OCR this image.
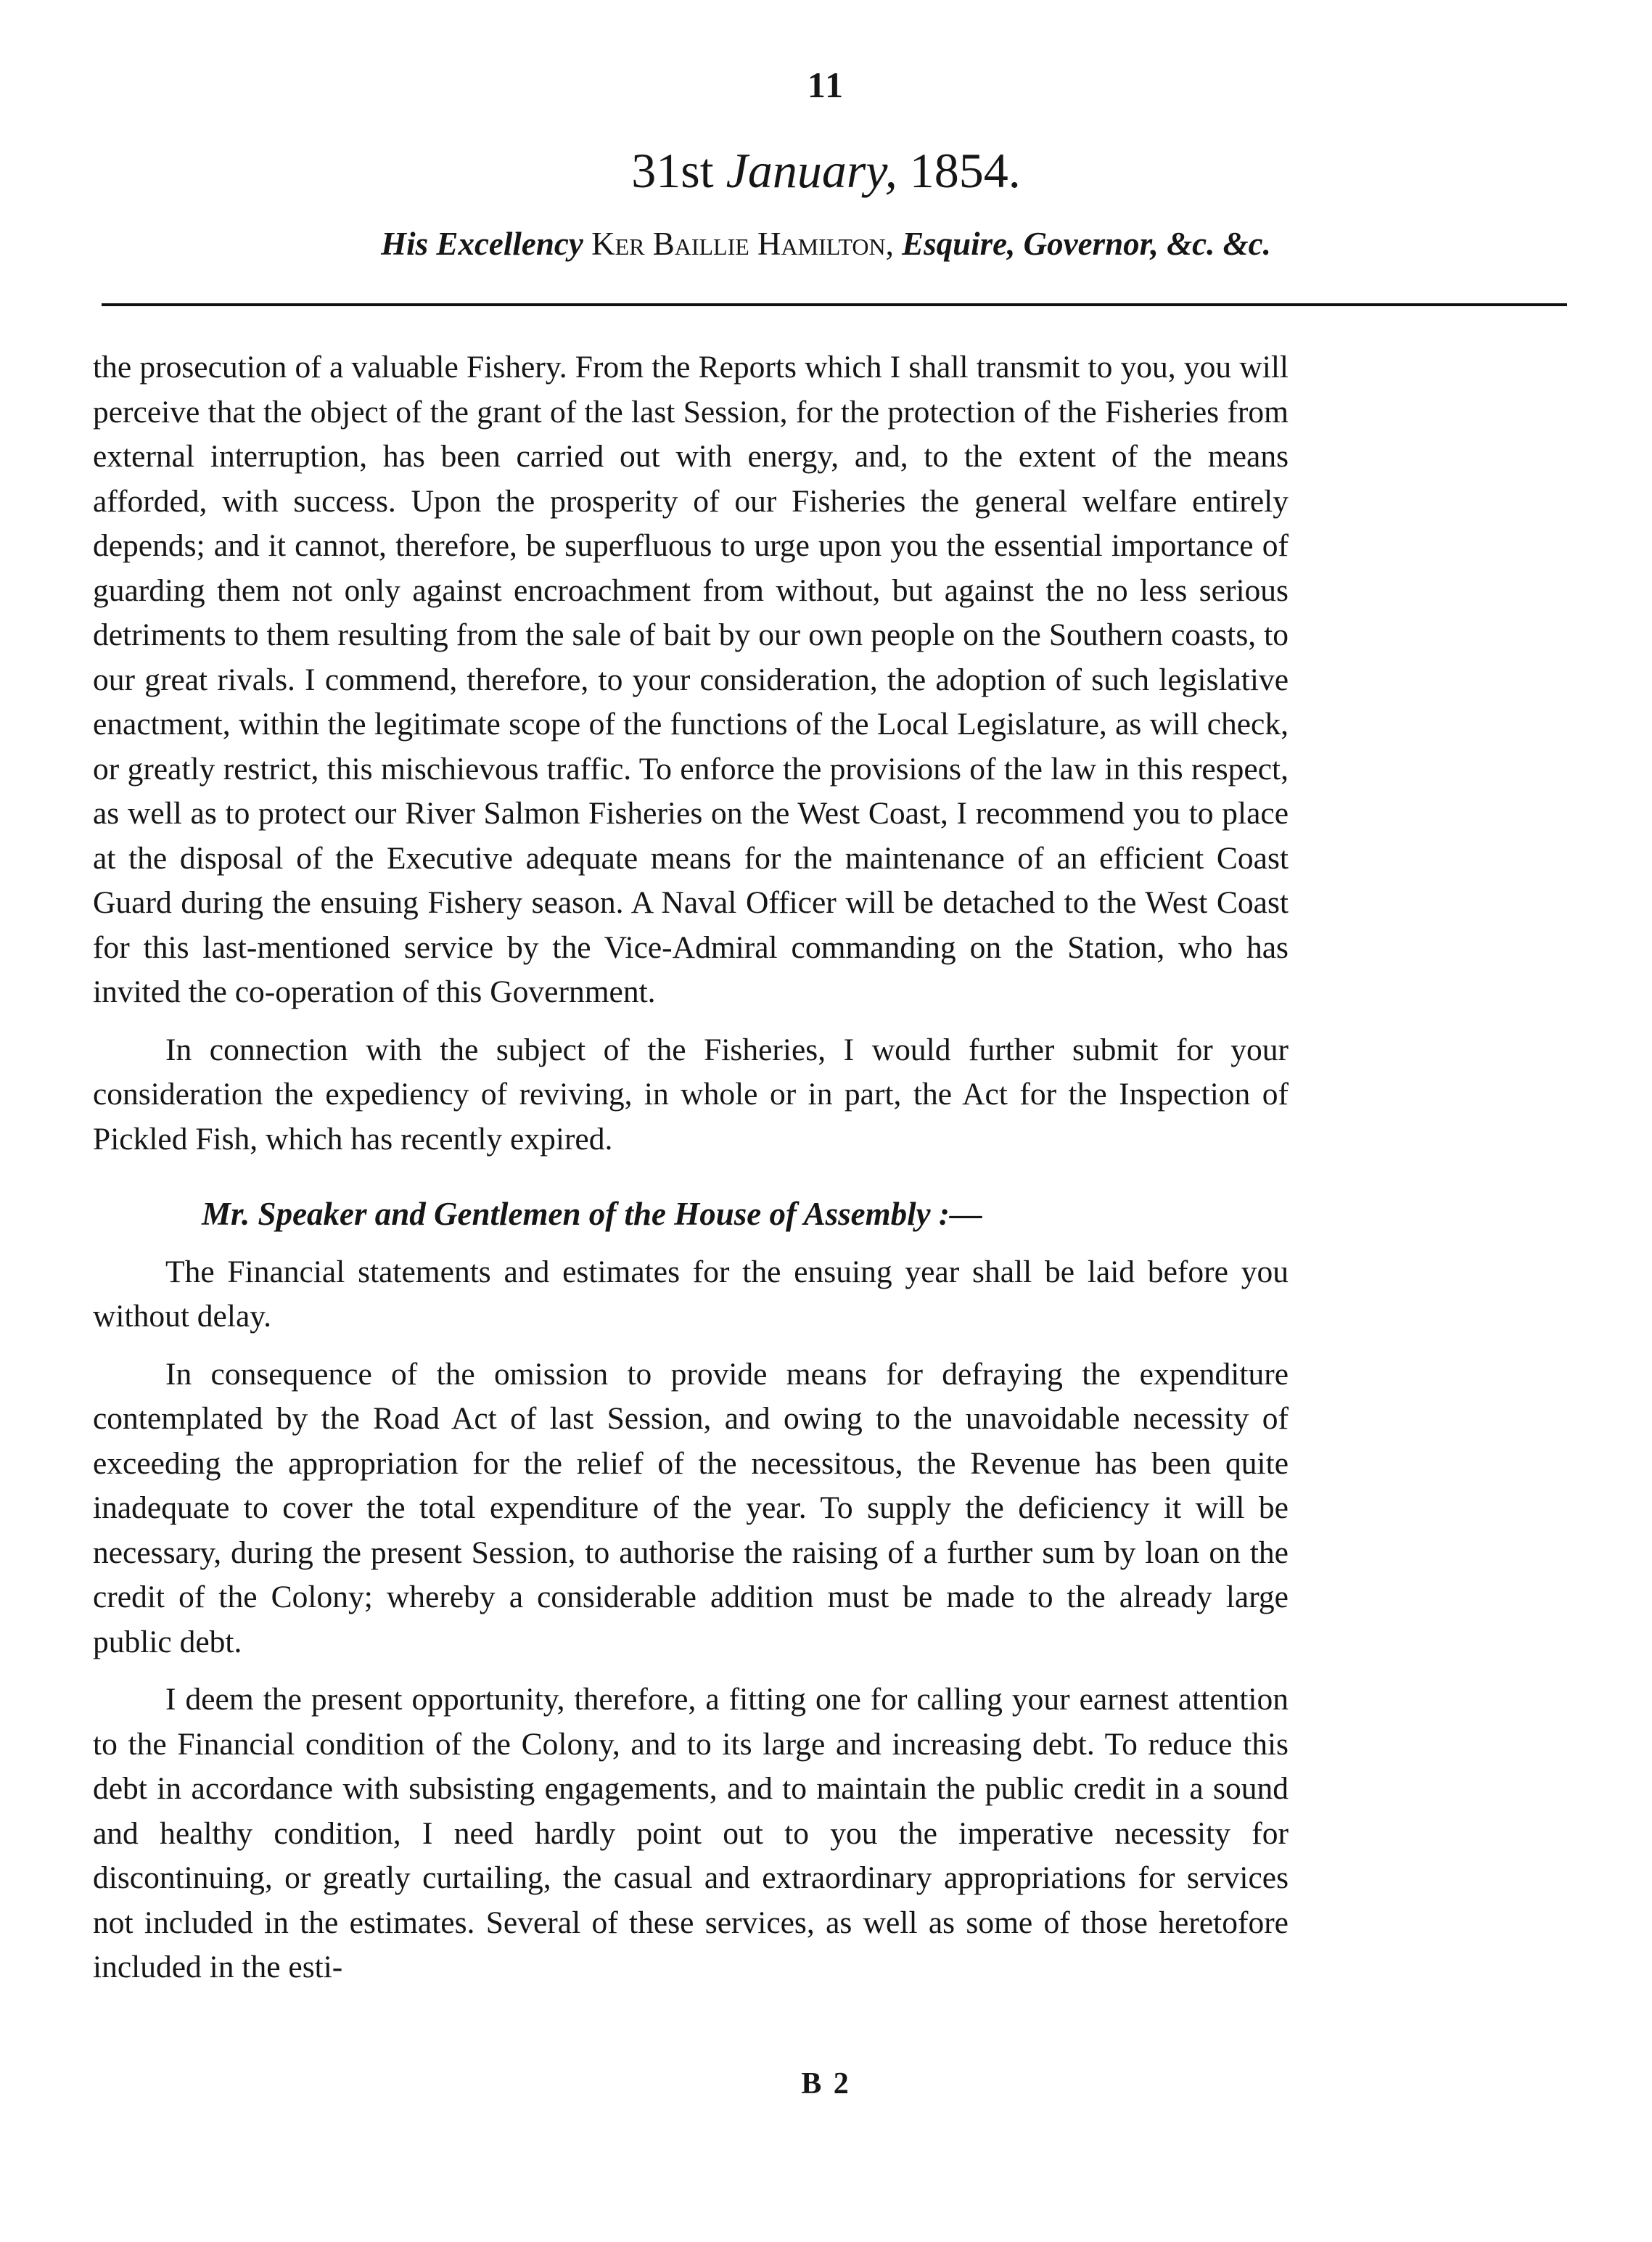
11
31st January, 1854.
His Excellency Ker Baillie Hamilton, Esquire, Governor, &c. &c.

the prosecution of a valuable Fishery. From the Reports which I shall transmit to you, you will perceive that the object of the grant of the last Session, for the protection of the Fisheries from external interruption, has been carried out with energy, and, to the extent of the means afforded, with success. Upon the prosperity of our Fisheries the general welfare entirely depends; and it cannot, therefore, be superfluous to urge upon you the essential importance of guarding them not only against encroachment from without, but against the no less serious detriments to them resulting from the sale of bait by our own people on the Southern coasts, to our great rivals. I commend, therefore, to your consideration, the adoption of such legislative enactment, within the legitimate scope of the functions of the Local Legislature, as will check, or greatly restrict, this mischievous traffic. To enforce the provisions of the law in this respect, as well as to protect our River Salmon Fisheries on the West Coast, I recommend you to place at the disposal of the Executive adequate means for the maintenance of an efficient Coast Guard during the ensuing Fishery season. A Naval Officer will be detached to the West Coast for this last-mentioned service by the Vice-Admiral commanding on the Station, who has invited the co-operation of this Government.

In connection with the subject of the Fisheries, I would further submit for your consideration the expediency of reviving, in whole or in part, the Act for the Inspection of Pickled Fish, which has recently expired.

Mr. Speaker and Gentlemen of the House of Assembly :—

The Financial statements and estimates for the ensuing year shall be laid before you without delay.

In consequence of the omission to provide means for defraying the expenditure contemplated by the Road Act of last Session, and owing to the unavoidable necessity of exceeding the appropriation for the relief of the necessitous, the Revenue has been quite inadequate to cover the total expenditure of the year. To supply the deficiency it will be necessary, during the present Session, to authorise the raising of a further sum by loan on the credit of the Colony; whereby a considerable addition must be made to the already large public debt.

I deem the present opportunity, therefore, a fitting one for calling your earnest attention to the Financial condition of the Colony, and to its large and increasing debt. To reduce this debt in accordance with subsisting engagements, and to maintain the public credit in a sound and healthy condition, I need hardly point out to you the imperative necessity for discontinuing, or greatly curtailing, the casual and extraordinary appropriations for services not included in the estimates. Several of these services, as well as some of those heretofore included in the esti-

B 2
